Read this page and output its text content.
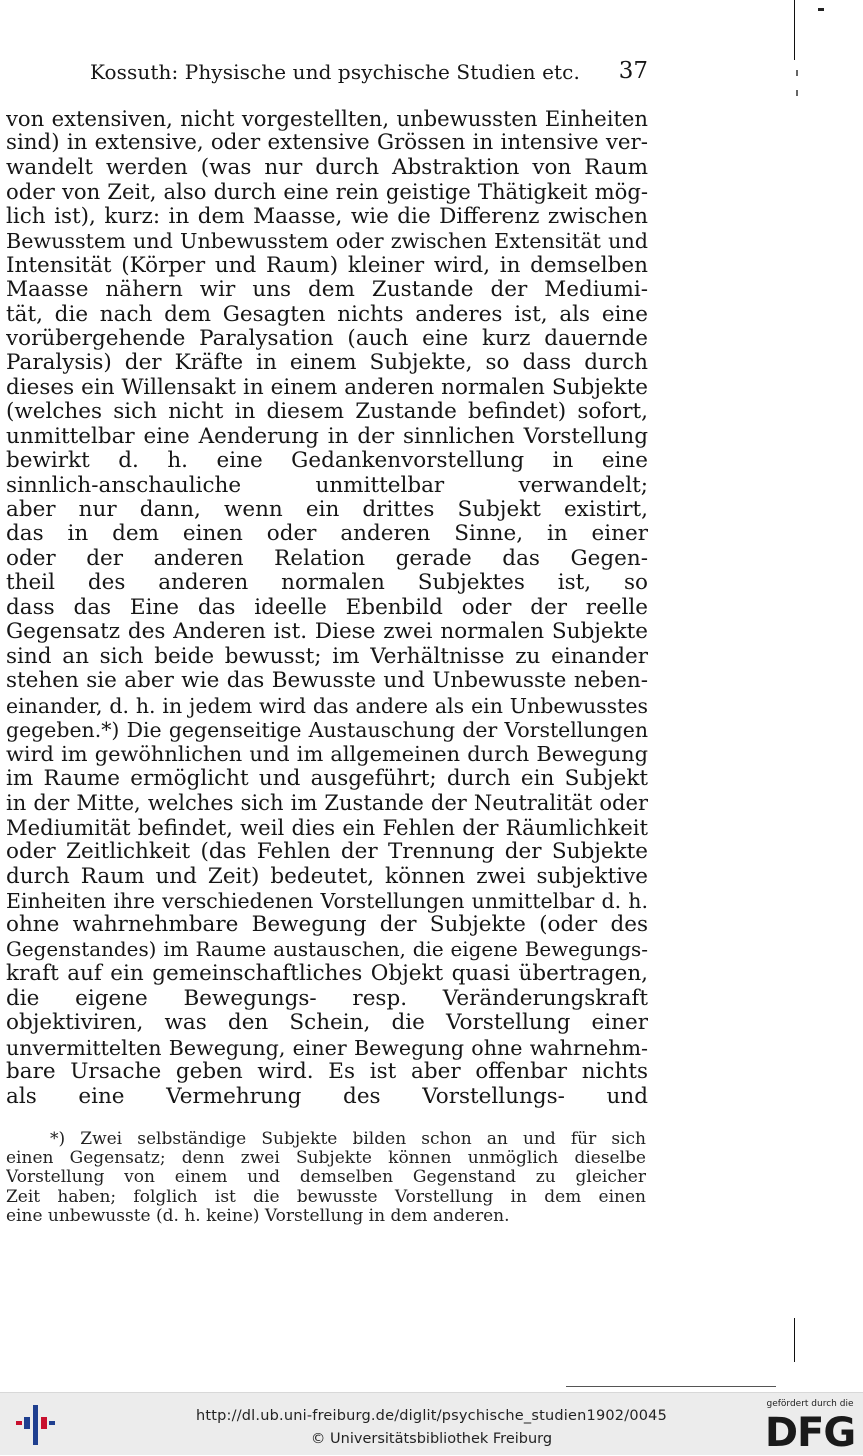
Kossuth: Physische und psychische Studien etc. 37
von extensiven, nicht vorgestellten, unbewussten Einheiten
sind) in extensive, oder extensive Grössen in intensive ver-
wandelt werden (was nur durch Abstraktion von Raum
oder von Zeit, also durch eine rein geistige Thätigkeit mög-
lich ist), kurz: in dem Maasse, wie die Differenz zwischen
Bewusstem und Unbewusstem oder zwischen Extensität und
Intensität (Körper und Raum) kleiner wird, in demselben
Maasse nähern wir uns dem Zustande der Mediumi-
tät, die nach dem Gesagten nichts anderes ist, als eine
vorübergehende Paralysation (auch eine kurz dauernde
Paralysis) der Kräfte in einem Subjekte, so dass durch
dieses ein Willensakt in einem anderen normalen Subjekte
(welches sich nicht in diesem Zustande befindet) sofort,
unmittelbar eine Aenderung in der sinnlichen Vorstellung
bewirkt d. h. eine Gedankenvorstellung in eine
sinnlich-anschauliche unmittelbar verwandelt;
aber nur dann, wenn ein drittes Subjekt existirt,
das in dem einen oder anderen Sinne, in einer
oder der anderen Relation gerade das Gegen-
theil des anderen normalen Subjektes ist, so
dass das Eine das ideelle Ebenbild oder der reelle
Gegensatz des Anderen ist. Diese zwei normalen Subjekte
sind an sich beide bewusst; im Verhältnisse zu einander
stehen sie aber wie das Bewusste und Unbewusste neben-
einander, d. h. in jedem wird das andere als ein Unbewusstes
gegeben.*) Die gegenseitige Austauschung der Vorstellungen
wird im gewöhnlichen und im allgemeinen durch Bewegung
im Raume ermöglicht und ausgeführt; durch ein Subjekt
in der Mitte, welches sich im Zustande der Neutralität oder
Mediumität befindet, weil dies ein Fehlen der Räumlichkeit
oder Zeitlichkeit (das Fehlen der Trennung der Subjekte
durch Raum und Zeit) bedeutet, können zwei subjektive
Einheiten ihre verschiedenen Vorstellungen unmittelbar d. h.
ohne wahrnehmbare Bewegung der Subjekte (oder des
Gegenstandes) im Raume austauschen, die eigene Bewegungs-
kraft auf ein gemeinschaftliches Objekt quasi übertragen,
die eigene Bewegungs- resp. Veränderungskraft
objektiviren, was den Schein, die Vorstellung einer
unvermittelten Bewegung, einer Bewegung ohne wahrnehm-
bare Ursache geben wird. Es ist aber offenbar nichts
als eine Vermehrung des Vorstellungs- und
*) Zwei selbständige Subjekte bilden schon an und für sich
einen Gegensatz; denn zwei Subjekte können unmöglich dieselbe
Vorstellung von einem und demselben Gegenstand zu gleicher
Zeit haben; folglich ist die bewusste Vorstellung in dem einen
eine unbewusste (d. h. keine) Vorstellung in dem anderen.
http://dl.ub.uni-freiburg.de/diglit/psychische_studien1902/0045
© Universitätsbibliothek Freiburg
gefördert durch die
DFG
